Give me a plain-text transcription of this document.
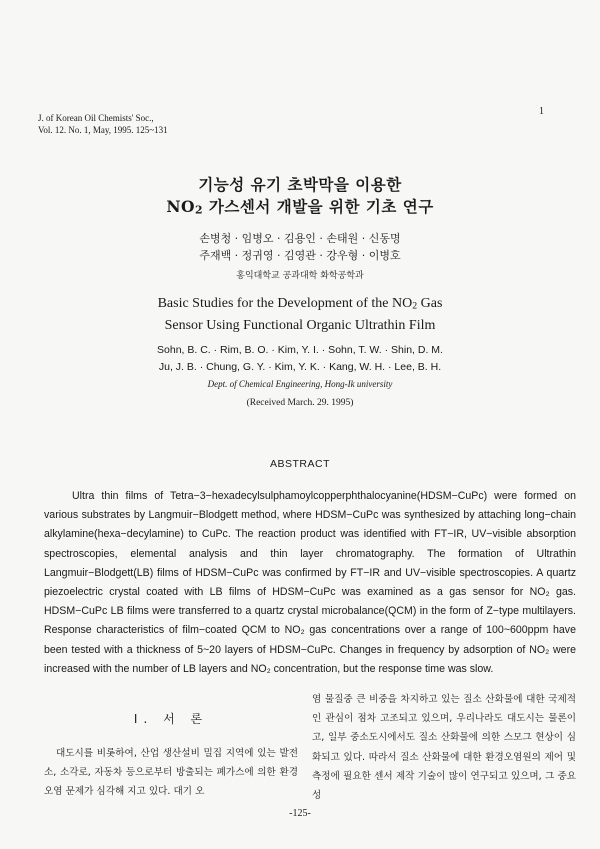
J. of Korean Oil Chemists' Soc.,
Vol. 12. No. 1, May, 1995. 125~131
1
기능성 유기 초박막을 이용한
$NO_2$ 가스센서 개발을 위한 기초 연구
손병청 · 임병오 · 김용인 · 손태원 · 신동명
주재백 · 정귀영 · 김영관 · 강우형 · 이병호
홍익대학교 공과대학 화학공학과
Basic Studies for the Development of the $NO_2$ Gas
Sensor Using Functional Organic Ultrathin Film
Sohn, B. C. · Rim, B. O. · Kim, Y. I. · Sohn, T. W. · Shin, D. M.
Ju, J. B. · Chung, G. Y. · Kim, Y. K. · Kang, W. H. · Lee, B. H.
Dept. of Chemical Engineering, Hong-Ik university
(Received March. 29. 1995)
ABSTRACT

Ultra thin films of Tetra−3−hexadecylsulphamoylcopperphthalocyanine(HDSM−CuPc) were formed on various substrates by Langmuir−Blodgett method, where HDSM−CuPc was synthesized by attaching long−chain alkylamine(hexa−decylamine) to CuPc. The reaction product was identified with FT−IR, UV−visible absorption spectroscopies, elemental analysis and thin layer chromatography. The formation of Ultrathin Langmuir−Blodgett(LB) films of HDSM−CuPc was confirmed by FT−IR and UV−visible spectroscopies. A quartz piezoelectric crystal coated with LB films of HDSM−CuPc was examined as a gas sensor for NO₂ gas. HDSM−CuPc LB films were transferred to a quartz crystal microbalance(QCM) in the form of Z−type multilayers. Response characteristics of film−coated QCM to NO₂ gas concentrations over a range of 100~600ppm have been tested with a thickness of 5~20 layers of HDSM−CuPc. Changes in frequency by adsorption of NO₂ were increased with the number of LB layers and NO₂ concentration, but the response time was slow.

Ⅰ. 서 론

대도시를 비롯하여, 산업 생산설비 밀집 지역에 있는 발전소, 소각로, 자동차 등으로부터 방출되는 폐가스에 의한 환경오염 문제가 심각해 지고 있다. 대기 오

염 물질중 큰 비중을 차지하고 있는 질소 산화물에 대한 국제적인 관심이 점차 고조되고 있으며, 우리나라도 대도시는 물론이고, 일부 중소도시에서도 질소 산화물에 의한 스모그 현상이 심화되고 있다. 따라서 질소 산화물에 대한 환경오염원의 제어 및 측정에 필요한 센서 제작 기술이 많이 연구되고 있으며, 그 중요성

-125-
